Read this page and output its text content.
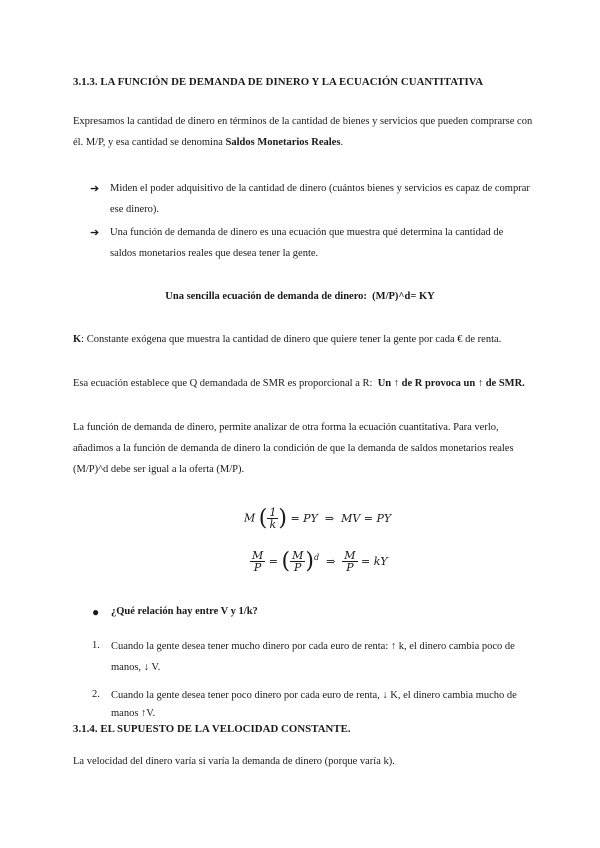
3.1.3. LA FUNCIÓN DE DEMANDA DE DINERO Y LA ECUACIÓN CUANTITATIVA
Expresamos la cantidad de dinero en términos de la cantidad de bienes y servicios que pueden comprarse con
él. M/P, y esa cantidad se denomina Saldos Monetarios Reales.
➔ Miden el poder adquisitivo de la cantidad de dinero (cuántos bienes y servicios es capaz de comprar
ese dinero).
➔ Una función de demanda de dinero es una ecuación que muestra qué determina la cantidad de
saldos monetarios reales que desea tener la gente.
Una sencilla ecuación de demanda de dinero: (M/P)^d= KY
K: Constante exógena que muestra la cantidad de dinero que quiere tener la gente por cada € de renta.
Esa ecuación establece que Q demandada de SMR es proporcional a R: Un ↑ de R provoca un ↑ de SMR.
La función de demanda de dinero, permite analizar de otra forma la ecuación cuantitativa. Para verlo,
añadimos a la función de demanda de dinero la condición de que la demanda de saldos monetarios reales
(M/P)^d debe ser igual a la oferta (M/P).
M ( $\frac{1}{k}$ ) = PY ⇒ MV = PY
$\frac{M}{P}$ = ( $\frac{M}{P} )^d$ ⇒ $\frac{M}{P}$ = kY
● ¿Qué relación hay entre V y 1/k?
1. Cuando la gente desea tener mucho dinero por cada euro de renta: ↑ k, el dinero cambia poco de
manos, ↓ V.
2. Cuando la gente desea tener poco dinero por cada euro de renta, ↓ K, el dinero cambia mucho de
manos ↑V.
3.1.4. EL SUPUESTO DE LA VELOCIDAD CONSTANTE.
La velocidad del dinero varía si varía la demanda de dinero (porque varía k).
